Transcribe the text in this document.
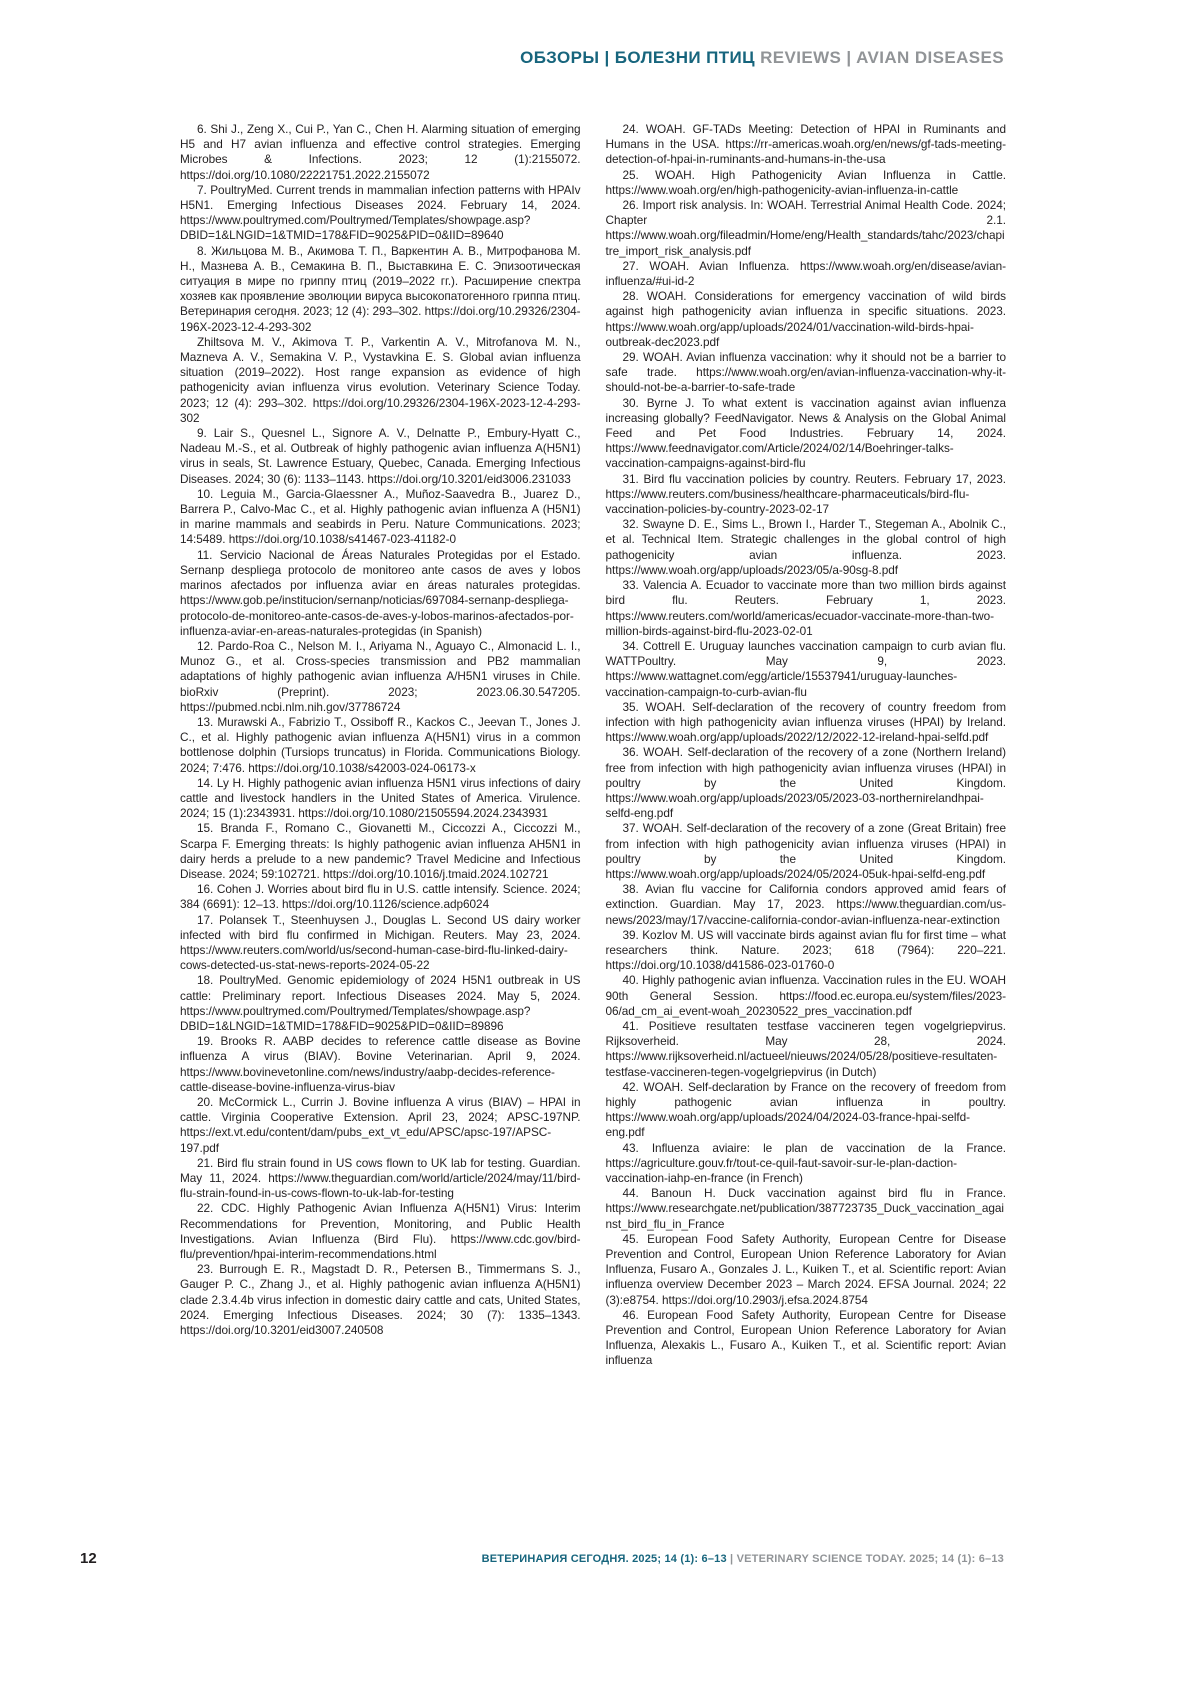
ОБЗОРЫ | БОЛЕЗНИ ПТИЦ REVIEWS | AVIAN DISEASES

6. Shi J., Zeng X., Cui P., Yan C., Chen H. Alarming situation of emerging H5 and H7 avian influenza and effective control strategies. Emerging Microbes & Infections. 2023; 12 (1):2155072. https://doi.org/10.1080/22221751.2022.2155072

7. PoultryMed. Current trends in mammalian infection patterns with HPAIv H5N1. Emerging Infectious Diseases 2024. February 14, 2024. https://www.poultrymed.com/Poultrymed/Templates/showpage.asp?DBID=1&LNGID=1&TMID=178&FID=9025&PID=0&IID=89640

8. Жильцова М. В., Акимова Т. П., Варкентин А. В., Митрофанова М. Н., Мазнева А. В., Семакина В. П., Выставкина Е. С. Эпизоотическая ситуация в мире по гриппу птиц (2019–2022 гг.). Расширение спектра хозяев как проявление эволюции вируса высокопатогенного гриппа птиц. Ветеринария сегодня. 2023; 12 (4): 293–302. https://doi.org/10.29326/2304-196X-2023-12-4-293-302

Zhiltsova M. V., Akimova T. P., Varkentin A. V., Mitrofanova M. N., Mazneva A. V., Semakina V. P., Vystavkina E. S. Global avian influenza situation (2019–2022). Host range expansion as evidence of high pathogenicity avian influenza virus evolution. Veterinary Science Today. 2023; 12 (4): 293–302. https://doi.org/10.29326/2304-196X-2023-12-4-293-302

9. Lair S., Quesnel L., Signore A. V., Delnatte P., Embury-Hyatt C., Nadeau M.-S., et al. Outbreak of highly pathogenic avian influenza A(H5N1) virus in seals, St. Lawrence Estuary, Quebec, Canada. Emerging Infectious Diseases. 2024; 30 (6): 1133–1143. https://doi.org/10.3201/eid3006.231033

10. Leguia M., Garcia-Glaessner A., Muñoz-Saavedra B., Juarez D., Barrera P., Calvo-Mac C., et al. Highly pathogenic avian influenza A (H5N1) in marine mammals and seabirds in Peru. Nature Communications. 2023; 14:5489. https://doi.org/10.1038/s41467-023-41182-0

11. Servicio Nacional de Áreas Naturales Protegidas por el Estado. Sernanp despliega protocolo de monitoreo ante casos de aves y lobos marinos afectados por influenza aviar en áreas naturales protegidas. https://www.gob.pe/institucion/sernanp/noticias/697084-sernanp-despliega-protocolo-de-monitoreo-ante-casos-de-aves-y-lobos-marinos-afectados-por-influenza-aviar-en-areas-naturales-protegidas (in Spanish)

12. Pardo-Roa C., Nelson M. I., Ariyama N., Aguayo C., Almonacid L. I., Munoz G., et al. Cross-species transmission and PB2 mammalian adaptations of highly pathogenic avian influenza A/H5N1 viruses in Chile. bioRxiv (Preprint). 2023; 2023.06.30.547205. https://pubmed.ncbi.nlm.nih.gov/37786724

13. Murawski A., Fabrizio T., Ossiboff R., Kackos C., Jeevan T., Jones J. C., et al. Highly pathogenic avian influenza A(H5N1) virus in a common bottlenose dolphin (Tursiops truncatus) in Florida. Communications Biology. 2024; 7:476. https://doi.org/10.1038/s42003-024-06173-x

14. Ly H. Highly pathogenic avian influenza H5N1 virus infections of dairy cattle and livestock handlers in the United States of America. Virulence. 2024; 15 (1):2343931. https://doi.org/10.1080/21505594.2024.2343931

15. Branda F., Romano C., Giovanetti M., Ciccozzi A., Ciccozzi M., Scarpa F. Emerging threats: Is highly pathogenic avian influenza AH5N1 in dairy herds a prelude to a new pandemic? Travel Medicine and Infectious Disease. 2024; 59:102721. https://doi.org/10.1016/j.tmaid.2024.102721

16. Cohen J. Worries about bird flu in U.S. cattle intensify. Science. 2024; 384 (6691): 12–13. https://doi.org/10.1126/science.adp6024

17. Polansek T., Steenhuysen J., Douglas L. Second US dairy worker infected with bird flu confirmed in Michigan. Reuters. May 23, 2024. https://www.reuters.com/world/us/second-human-case-bird-flu-linked-dairy-cows-detected-us-stat-news-reports-2024-05-22

18. PoultryMed. Genomic epidemiology of 2024 H5N1 outbreak in US cattle: Preliminary report. Infectious Diseases 2024. May 5, 2024. https://www.poultrymed.com/Poultrymed/Templates/showpage.asp?DBID=1&LNGID=1&TMID=178&FID=9025&PID=0&IID=89896

19. Brooks R. AABP decides to reference cattle disease as Bovine influenza A virus (BIAV). Bovine Veterinarian. April 9, 2024. https://www.bovinevetonline.com/news/industry/aabp-decides-reference-cattle-disease-bovine-influenza-virus-biav

20. McCormick L., Currin J. Bovine influenza A virus (BIAV) – HPAI in cattle. Virginia Cooperative Extension. April 23, 2024; APSC-197NP. https://ext.vt.edu/content/dam/pubs_ext_vt_edu/APSC/apsc-197/APSC-197.pdf

21. Bird flu strain found in US cows flown to UK lab for testing. Guardian. May 11, 2024. https://www.theguardian.com/world/article/2024/may/11/bird-flu-strain-found-in-us-cows-flown-to-uk-lab-for-testing

22. CDC. Highly Pathogenic Avian Influenza A(H5N1) Virus: Interim Recommendations for Prevention, Monitoring, and Public Health Investigations. Avian Influenza (Bird Flu). https://www.cdc.gov/bird-flu/prevention/hpai-interim-recommendations.html

23. Burrough E. R., Magstadt D. R., Petersen B., Timmermans S. J., Gauger P. C., Zhang J., et al. Highly pathogenic avian influenza A(H5N1) clade 2.3.4.4b virus infection in domestic dairy cattle and cats, United States, 2024. Emerging Infectious Diseases. 2024; 30 (7): 1335–1343. https://doi.org/10.3201/eid3007.240508

24. WOAH. GF-TADs Meeting: Detection of HPAI in Ruminants and Humans in the USA. https://rr-americas.woah.org/en/news/gf-tads-meeting-detection-of-hpai-in-ruminants-and-humans-in-the-usa

25. WOAH. High Pathogenicity Avian Influenza in Cattle. https://www.woah.org/en/high-pathogenicity-avian-influenza-in-cattle

26. Import risk analysis. In: WOAH. Terrestrial Animal Health Code. 2024; Chapter 2.1. https://www.woah.org/fileadmin/Home/eng/Health_standards/tahc/2023/chapitre_import_risk_analysis.pdf

27. WOAH. Avian Influenza. https://www.woah.org/en/disease/avian-influenza/#ui-id-2

28. WOAH. Considerations for emergency vaccination of wild birds against high pathogenicity avian influenza in specific situations. 2023. https://www.woah.org/app/uploads/2024/01/vaccination-wild-birds-hpai-outbreak-dec2023.pdf

29. WOAH. Avian influenza vaccination: why it should not be a barrier to safe trade. https://www.woah.org/en/avian-influenza-vaccination-why-it-should-not-be-a-barrier-to-safe-trade

30. Byrne J. To what extent is vaccination against avian influenza increasing globally? FeedNavigator. News & Analysis on the Global Animal Feed and Pet Food Industries. February 14, 2024. https://www.feednavigator.com/Article/2024/02/14/Boehringer-talks-vaccination-campaigns-against-bird-flu

31. Bird flu vaccination policies by country. Reuters. February 17, 2023. https://www.reuters.com/business/healthcare-pharmaceuticals/bird-flu-vaccination-policies-by-country-2023-02-17

32. Swayne D. E., Sims L., Brown I., Harder T., Stegeman A., Abolnik C., et al. Technical Item. Strategic challenges in the global control of high pathogenicity avian influenza. 2023. https://www.woah.org/app/uploads/2023/05/a-90sg-8.pdf

33. Valencia A. Ecuador to vaccinate more than two million birds against bird flu. Reuters. February 1, 2023. https://www.reuters.com/world/americas/ecuador-vaccinate-more-than-two-million-birds-against-bird-flu-2023-02-01

34. Cottrell E. Uruguay launches vaccination campaign to curb avian flu. WATTPoultry. May 9, 2023. https://www.wattagnet.com/egg/article/15537941/uruguay-launches-vaccination-campaign-to-curb-avian-flu

35. WOAH. Self-declaration of the recovery of country freedom from infection with high pathogenicity avian influenza viruses (HPAI) by Ireland. https://www.woah.org/app/uploads/2022/12/2022-12-ireland-hpai-selfd.pdf

36. WOAH. Self-declaration of the recovery of a zone (Northern Ireland) free from infection with high pathogenicity avian influenza viruses (HPAI) in poultry by the United Kingdom. https://www.woah.org/app/uploads/2023/05/2023-03-northernirelandhpai-selfd-eng.pdf

37. WOAH. Self-declaration of the recovery of a zone (Great Britain) free from infection with high pathogenicity avian influenza viruses (HPAI) in poultry by the United Kingdom. https://www.woah.org/app/uploads/2024/05/2024-05uk-hpai-selfd-eng.pdf

38. Avian flu vaccine for California condors approved amid fears of extinction. Guardian. May 17, 2023. https://www.theguardian.com/us-news/2023/may/17/vaccine-california-condor-avian-influenza-near-extinction

39. Kozlov M. US will vaccinate birds against avian flu for first time – what researchers think. Nature. 2023; 618 (7964): 220–221. https://doi.org/10.1038/d41586-023-01760-0

40. Highly pathogenic avian influenza. Vaccination rules in the EU. WOAH 90th General Session. https://food.ec.europa.eu/system/files/2023-06/ad_cm_ai_event-woah_20230522_pres_vaccination.pdf

41. Positieve resultaten testfase vaccineren tegen vogelgriepvirus. Rijksoverheid. May 28, 2024. https://www.rijksoverheid.nl/actueel/nieuws/2024/05/28/positieve-resultaten-testfase-vaccineren-tegen-vogelgriepvirus (in Dutch)

42. WOAH. Self-declaration by France on the recovery of freedom from highly pathogenic avian influenza in poultry. https://www.woah.org/app/uploads/2024/04/2024-03-france-hpai-selfd-eng.pdf

43. Influenza aviaire: le plan de vaccination de la France. https://agriculture.gouv.fr/tout-ce-quil-faut-savoir-sur-le-plan-daction-vaccination-iahp-en-france (in French)

44. Banoun H. Duck vaccination against bird flu in France. https://www.researchgate.net/publication/387723735_Duck_vaccination_against_bird_flu_in_France

45. European Food Safety Authority, European Centre for Disease Prevention and Control, European Union Reference Laboratory for Avian Influenza, Fusaro A., Gonzales J. L., Kuiken T., et al. Scientific report: Avian influenza overview December 2023 – March 2024. EFSA Journal. 2024; 22 (3):e8754. https://doi.org/10.2903/j.efsa.2024.8754

46. European Food Safety Authority, European Centre for Disease Prevention and Control, European Union Reference Laboratory for Avian Influenza, Alexakis L., Fusaro A., Kuiken T., et al. Scientific report: Avian influenza

12	ВЕТЕРИНАРИЯ СЕГОДНЯ. 2025; 14 (1): 6–13 | VETERINARY SCIENCE TODAY. 2025; 14 (1): 6–13
